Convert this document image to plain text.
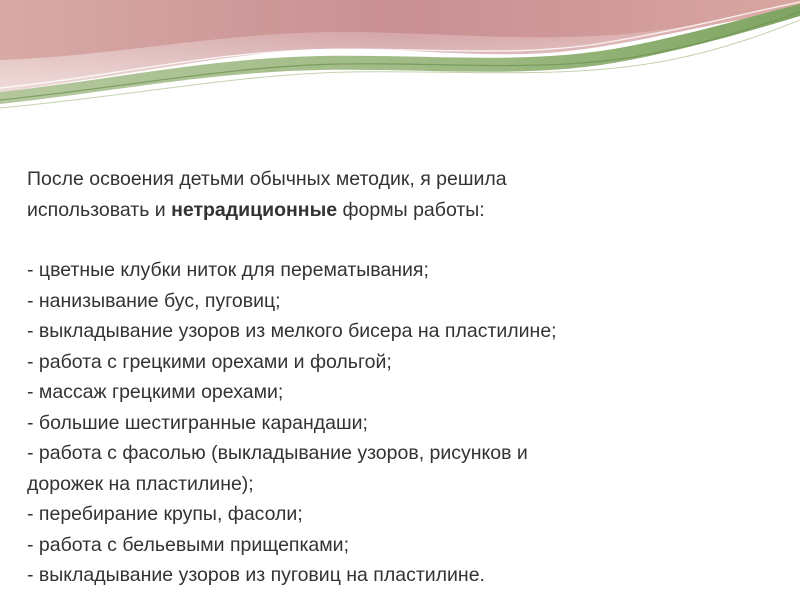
После освоения детьми обычных методик, я решила

использовать и нетрадиционные формы работы:

- цветные клубки ниток для перематывания;

- нанизывание бус, пуговиц;

- выкладывание узоров из мелкого бисера на пластилине;

- работа с грецкими орехами и фольгой;

- массаж грецкими орехами;

- большие шестигранные карандаши;

- работа с фасолью (выкладывание узоров, рисунков и

дорожек на пластилине);

- перебирание крупы, фасоли;

- работа с бельевыми прищепками;

- выкладывание узоров из пуговиц на пластилине.
